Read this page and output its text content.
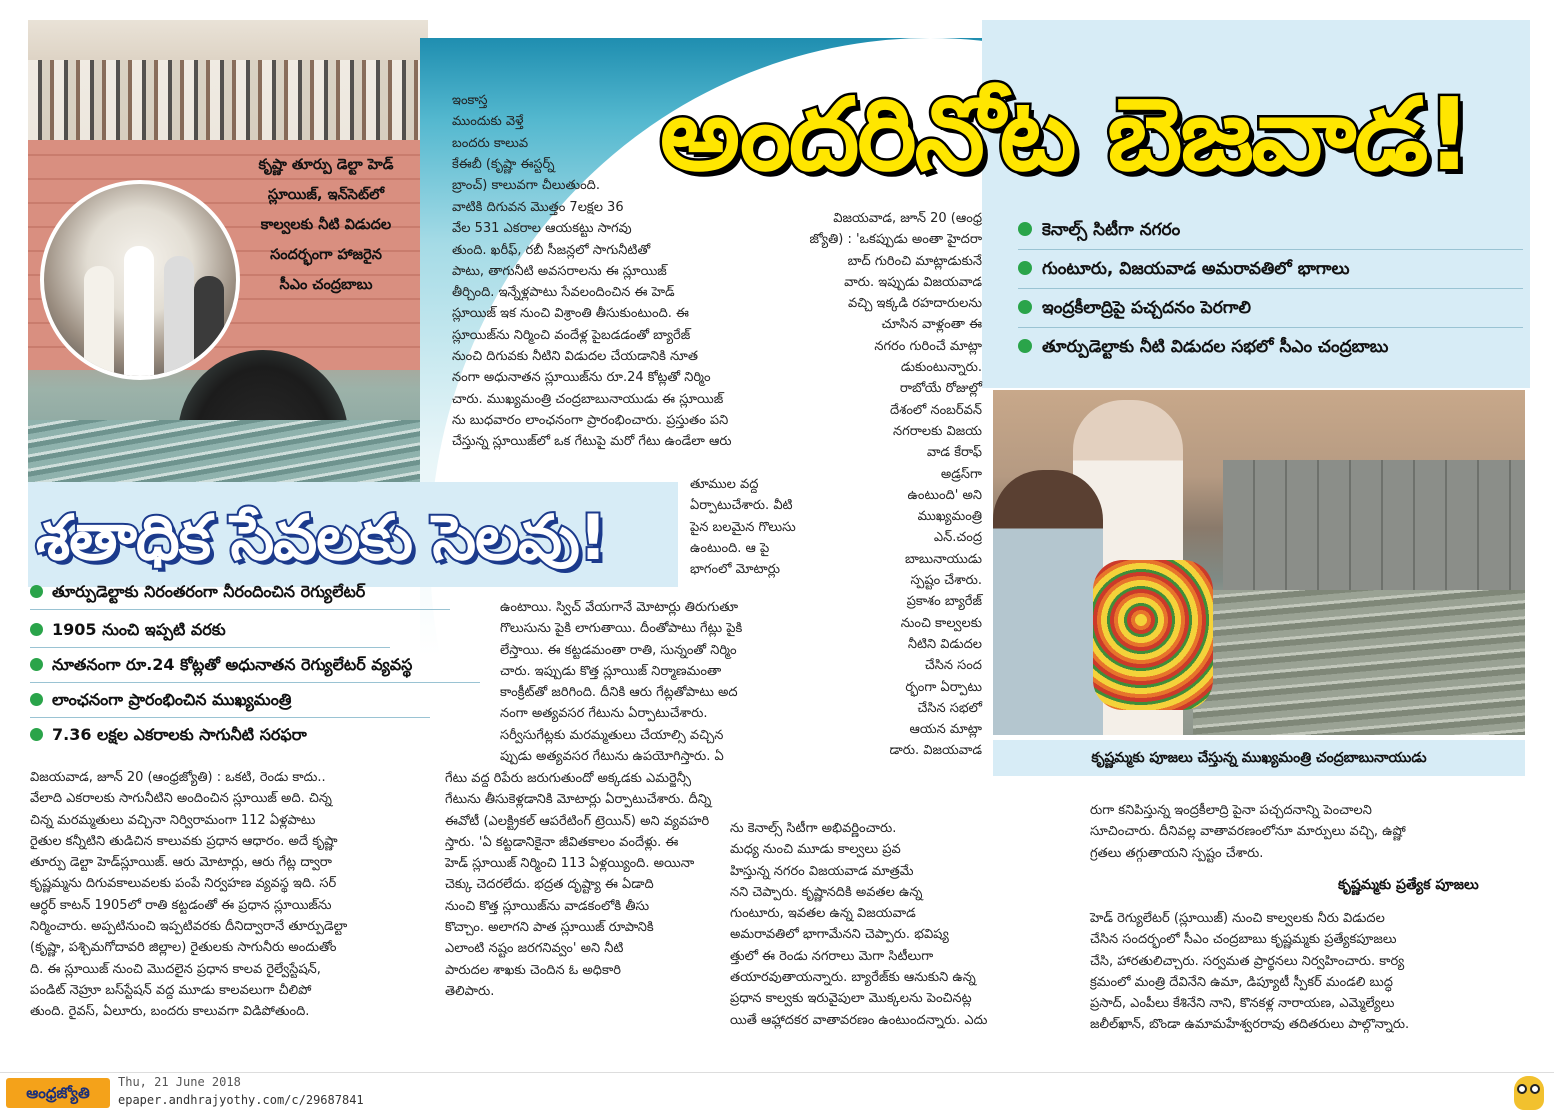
కృష్ణా తూర్పు డెల్టా హెడ్
స్లూయిజ్, ఇన్‌సెట్‌లో
కాల్వలకు నీటి విడుదల
సందర్భంగా హాజరైన
సీఎం చంద్రబాబు
అందరినోట బెజవాడ!
కెనాల్స్ సిటీగా నగరం
గుంటూరు, విజయవాడ అమరావతిలో భాగాలు
ఇంద్రకీలాద్రిపై పచ్చదనం పెరగాలి
తూర్పుడెల్టాకు నీటి విడుదల సభలో సీఎం చంద్రబాబు

ఇంకాస్త

ముందుకు వెళ్తే

బందరు కాలువ

కేఈబీ (కృష్ణా ఈస్టర్న్

బ్రాంచ్) కాలువగా చీలుతుంది.

వాటికి దిగువన మొత్తం 7లక్షల 36

వేల 531 ఎకరాల ఆయకట్టు సాగవు

తుంది. ఖరీఫ్, రబీ సీజన్లలో సాగునీటితో

పాటు, తాగునీటి అవసరాలను ఈ స్లూయిజ్

తీర్చింది. ఇన్నేళ్లపాటు సేవలందించిన ఈ హెడ్

స్లూయిజ్ ఇక నుంచి విశ్రాంతి తీసుకుంటుంది. ఈ

స్లూయిజ్‌ను నిర్మించి వందేళ్ల పైబడడంతో బ్యారేజ్

నుంచి దిగువకు నీటిని విడుదల చేయడానికి నూత

నంగా అధునాతన స్లూయిజ్‌ను రూ.24 కోట్లతో నిర్మిం

చారు. ముఖ్యమంత్రి చంద్రబాబునాయుడు ఈ స్లూయిజ్

ను బుధవారం లాంఛనంగా ప్రారంభించారు. ప్రస్తుతం పని

చేస్తున్న స్లూయిజ్‌లో ఒక గేటుపై మరో గేటు ఉండేలా ఆరు

తూముల వద్ద

ఏర్పాటుచేశారు. వీటి

పైన బలమైన గొలుసు

ఉంటుంది. ఆ పై

భాగంలో మోటార్లు

శతాధిక సేవలకు సెలవు!
తూర్పుడెల్టాకు నిరంతరంగా నీరందించిన రెగ్యులేటర్
1905 నుంచి ఇప్పటి వరకు
నూతనంగా రూ.24 కోట్లతో అధునాతన రెగ్యులేటర్ వ్యవస్థ
లాంఛనంగా ప్రారంభించిన ముఖ్యమంత్రి
7.36 లక్షల ఎకరాలకు సాగునీటి సరఫరా

ఉంటాయి. స్విచ్ వేయగానే మోటార్లు తిరుగుతూ

గొలుసును పైకి లాగుతాయి. దీంతోపాటు గేట్లు పైకి

లేస్తాయి. ఈ కట్టడమంతా రాతి, సున్నంతో నిర్మిం

చారు. ఇప్పుడు కొత్త స్లూయిజ్ నిర్మాణమంతా

కాంక్రీట్‌తో జరిగింది. దీనికి ఆరు గేట్లతోపాటు అద

నంగా అత్యవసర గేటును ఏర్పాటుచేశారు.

సర్వీసుగేట్లకు మరమ్మతులు చేయాల్సి వచ్చిన

ప్పుడు అత్యవసర గేటును ఉపయోగిస్తారు. ఏ

గేటు వద్ద రిపేరు జరుగుతుందో అక్కడకు ఎమర్జెన్సీ

గేటును తీసుకెళ్లడానికి మోటార్లు ఏర్పాటుచేశారు. దీన్ని

ఈవోటీ (ఎలక్ట్రికల్ ఆపరేటింగ్ ట్రెయిన్) అని వ్యవహరి

స్తారు. 'ఏ కట్టడానికైనా జీవితకాలం వందేళ్లు. ఈ

హెడ్ స్లూయిజ్ నిర్మించి 113 ఏళ్లయ్యింది. అయినా

చెక్కు చెదరలేదు. భద్రత దృష్ట్యా ఈ ఏడాది

నుంచి కొత్త స్లూయిజ్‌ను వాడకంలోకి తీసు

కొచ్చాం. అలాగని పాత స్లూయిజ్ రూపానికి

ఎలాంటి నష్టం జరగనివ్వం' అని నీటి

పారుదల శాఖకు చెందిన ఓ అధికారి

తెలిపారు.

విజయవాడ, జూన్ 20 (ఆంధ్రజ్యోతి) : ఒకటి, రెండు కాదు..

వేలాది ఎకరాలకు సాగునీటిని అందించిన స్లూయిజ్ అది. చిన్న

చిన్న మరమ్మతులు వచ్చినా నిర్విరామంగా 112 ఏళ్లపాటు

రైతుల కన్నీటిని తుడిచిన కాలువకు ప్రధాన ఆధారం. అదే కృష్ణా

తూర్పు డెల్టా హెడ్‌స్లూయిజ్. ఆరు మోటార్లు, ఆరు గేట్ల ద్వారా

కృష్ణమ్మను దిగువకాలువలకు పంపే నిర్వహణ వ్యవస్థ ఇది. సర్

ఆర్ధర్ కాటన్ 1905లో రాతి కట్టడంతో ఈ ప్రధాన స్లూయిజ్‌ను

నిర్మించారు. అప్పటినుంచి ఇప్పటివరకు దీనిద్వారానే తూర్పుడెల్టా

(కృష్ణా, పశ్చిమగోదావరి జిల్లాల) రైతులకు సాగునీరు అందుతోం

ది. ఈ స్లూయిజ్ నుంచి మొదలైన ప్రధాన కాలవ రైల్వేస్టేషన్,

పండిట్ నెహ్రూ బస్‌స్టేషన్ వద్ద మూడు కాలవలుగా చీలిపో

తుంది. రైవస్, ఏలూరు, బందరు కాలువగా విడిపోతుంది.

విజయవాడ, జూన్ 20 (ఆంధ్ర

జ్యోతి) : 'ఒకప్పుడు అంతా హైదరా

బాద్ గురించి మాట్లాడుకునే

వారు. ఇప్పుడు విజయవాడ

వచ్చి ఇక్కడి రహదారులను

చూసిన వాళ్లంతా ఈ

నగరం గురించే మాట్లా

డుకుంటున్నారు.

రాబోయే రోజుల్లో

దేశంలో నంబర్‌వన్

నగరాలకు విజయ

వాడ కేరాఫ్

అడ్రస్‌గా

ఉంటుంది' అని

ముఖ్యమంత్రి

ఎన్.చంద్ర

బాబునాయుడు

స్పష్టం చేశారు.

ప్రకాశం బ్యారేజ్

నుంచి కాల్వలకు

నీటిని విడుదల

చేసిన సంద

ర్భంగా ఏర్పాటు

చేసిన సభలో

ఆయన మాట్లా

డారు. విజయవాడ

ను కెనాల్స్ సిటీగా అభివర్ణించారు.

మధ్య నుంచి మూడు కాల్వలు ప్రవ

హిస్తున్న నగరం విజయవాడ మాత్రమే

నని చెప్పారు. కృష్ణానదికి అవతల ఉన్న

గుంటూరు, ఇవతల ఉన్న విజయవాడ

అమరావతిలో భాగామేనని చెప్పారు. భవిష్య

త్తులో ఈ రెండు నగరాలు మెగా సిటీలుగా

తయారవుతాయన్నారు. బ్యారేజ్‌కు ఆనుకుని ఉన్న

ప్రధాన కాల్వకు ఇరువైపులా మొక్కలను పెంచినట్ల

యితే ఆహ్లాదకర వాతావరణం ఉంటుందన్నారు. ఎదు

కృష్ణమ్మకు పూజలు చేస్తున్న ముఖ్యమంత్రి చంద్రబాబునాయుడు

రుగా కనిపిస్తున్న ఇంద్రకీలాద్రి పైనా పచ్చదనాన్ని పెంచాలని

సూచించారు. దీనివల్ల వాతావరణంలోనూ మార్పులు వచ్చి, ఉష్ణో

గ్రతలు తగ్గుతాయని స్పష్టం చేశారు.

కృష్ణమ్మకు ప్రత్యేక పూజలు

హెడ్ రెగ్యులేటర్ (స్లూయిజ్) నుంచి కాల్వలకు నీరు విడుదల

చేసిన సందర్భంలో సీఎం చంద్రబాబు కృష్ణమ్మకు ప్రత్యేకపూజలు

చేసి, హారతులిచ్చారు. సర్వమత ప్రార్థనలు నిర్వహించారు. కార్య

క్రమంలో మంత్రి దేవినేని ఉమా, డిప్యూటీ స్పీకర్ మండలి బుద్ధ

ప్రసాద్, ఎంపీలు కేశినేని నాని, కొనకళ్ల నారాయణ, ఎమ్మెల్యేలు

జలీల్‌ఖాన్, బొండా ఉమామహేశ్వరరావు తదితరులు పాల్గొన్నారు.

ఆంధ్రజ్యోతి
Thu, 21 June 2018
epaper.andhrajyothy.com/c/29687841
